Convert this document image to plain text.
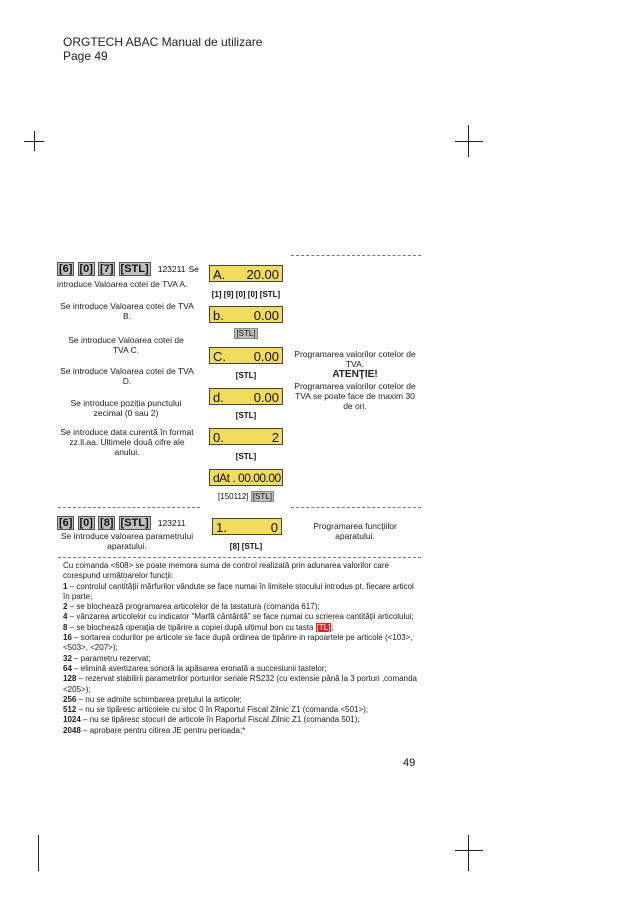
ORGTECH ABAC Manual de utilizare
Page 49
[6] [0] [7] [STL] 123211 Se
introduce Valoarea cotei de TVA A.
Se introduce Valoarea cotei de TVA B.
Se introduce Valoarea cotei de TVA C.
Se introduce Valoarea cotei de TVA D.
Se introduce poziţia punctului zecimal (0 sau 2)
Se introduce data curentă în format zz.ll.aa. Ultimele două cifre ale anului.
A. 20.00
[1] [9] [0] [0] [STL]
b. 0.00
[STL]
C. 0.00
[STL]
d. 0.00
[STL]
0.	2
[STL]
dAt . 00.00.00
[150112] [STL]
Programarea valorilor cotelor de TVA.
ATENŢIE!
Programarea valorilor cotelor de TVA se poate face de maxim 30 de ori.
[6] [0] [8] [STL] 123211
Se introduce valoarea parametrului aparatului.
1.	0
[8] [STL]
Programarea funcţiilor aparatului.

Cu comanda <608> se poate memora suma de control realizată prin adunarea valorilor care corespund următoarelor funcţii:

1 – controlul cantităţii mărfurilor vândute se face numai în limitele stocului introdus pt. fiecare articol în parte;

2 – se blochează programarea articolelor de la tastatura (comanda 617);

4 – vânzarea articolelor cu indicator "Marfă cântărită" se face numai cu scrierea cantităţii articolului;

8 – se blochează operaţia de tipărire a copiei după ultimul bon cu tasta [TL];

16 – sortarea codurilor pe articole se face după ordinea de tipărire in rapoartele pe articole (<103>, <503>, <207>);

32 – parametru rezervat;

64 – elimină avertizarea sonoră la apăsarea eronată a succesiunii tastelor;

128 – rezervat stabilirii parametrilor porturilor seriale RS232 (cu extensie până la 3 porturi ,comanda <205>);

256 – nu se admite schimbarea preţului la articole;

512 – nu se tipăresc articolele cu stoc 0 în Raportul Fiscal Zilnic Z1 (comanda <501>);

1024 – nu se tipăresc stocuri de articole în Raportul Fiscal Zilnic Z1 (comanda 501);

2048 – aprobare pentru citirea JE pentru perioada;*

49
